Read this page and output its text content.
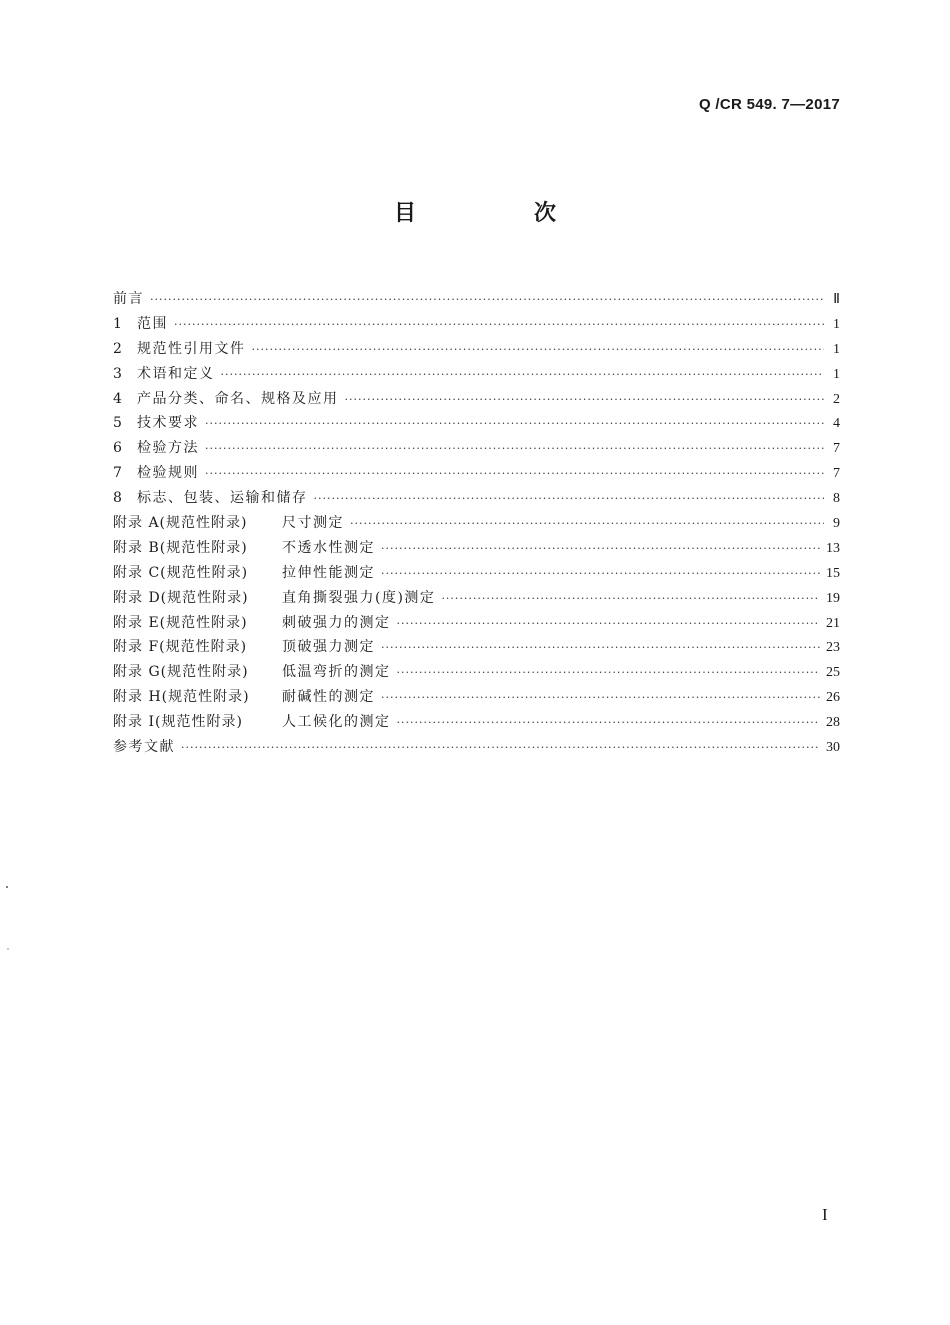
Q /CR 549. 7—2017
目　次
前言 ·····	Ⅱ
1	范围 ·····	1
2	规范性引用文件 ·····	1
3	术语和定义 ·····	1
4	产品分类、命名、规格及应用 ·····	2
5	技术要求 ·····	4
6	检验方法 ·····	7
7	检验规则 ·····	7
8	标志、包装、运输和储存 ·····	8
附录 A(规范性附录)	尺寸测定 ·····	9
附录 B(规范性附录)	不透水性测定 ·····	13
附录 C(规范性附录)	拉伸性能测定 ·····	15
附录 D(规范性附录)	直角撕裂强力(度)测定 ·····	19
附录 E(规范性附录)	刺破强力的测定 ·····	21
附录 F(规范性附录)	顶破强力测定 ·····	23
附录 G(规范性附录)	低温弯折的测定 ·····	25
附录 H(规范性附录)	耐碱性的测定 ·····	26
附录 I(规范性附录)	人工候化的测定 ·····	28
参考文献 ·····	30
I
